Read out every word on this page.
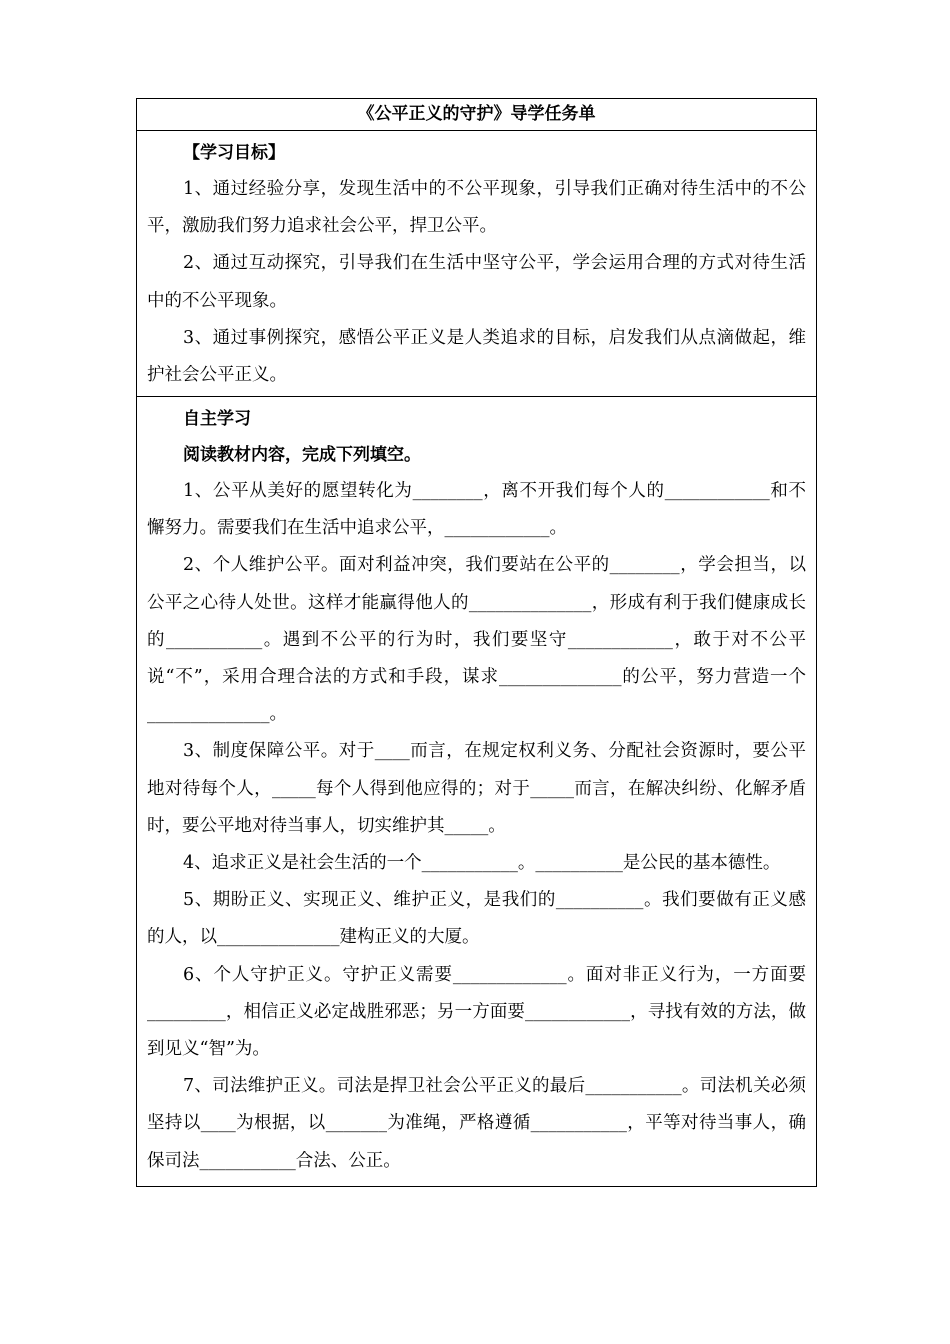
《公平正义的守护》导学任务单
【学习目标】

1、通过经验分享，发现生活中的不公平现象，引导我们正确对待生活中的不公平，激励我们努力追求社会公平，捍卫公平。

2、通过互动探究，引导我们在生活中坚守公平，学会运用合理的方式对待生活中的不公平现象。

3、通过事例探究，感悟公平正义是人类追求的目标，启发我们从点滴做起，维护社会公平正义。

自主学习
阅读教材内容，完成下列填空。

1、公平从美好的愿望转化为________，离不开我们每个人的____________和不懈努力。需要我们在生活中追求公平，____________。

2、个人维护公平。面对利益冲突，我们要站在公平的________，学会担当，以公平之心待人处世。这样才能赢得他人的______________，形成有利于我们健康成长的___________。遇到不公平的行为时，我们要坚守____________，敢于对不公平说“不”，采用合理合法的方式和手段，谋求______________的公平，努力营造一个______________。

3、制度保障公平。对于____而言，在规定权利义务、分配社会资源时，要公平地对待每个人，_____每个人得到他应得的；对于_____而言，在解决纠纷、化解矛盾时，要公平地对待当事人，切实维护其_____。

4、追求正义是社会生活的一个___________。__________是公民的基本德性。

5、期盼正义、实现正义、维护正义，是我们的__________。我们要做有正义感的人，以______________建构正义的大厦。

6、个人守护正义。守护正义需要_____________。面对非正义行为，一方面要_________，相信正义必定战胜邪恶；另一方面要____________，寻找有效的方法，做到见义“智”为。

7、司法维护正义。司法是捍卫社会公平正义的最后___________。司法机关必须坚持以____为根据，以_______为准绳，严格遵循___________，平等对待当事人，确保司法___________合法、公正。
